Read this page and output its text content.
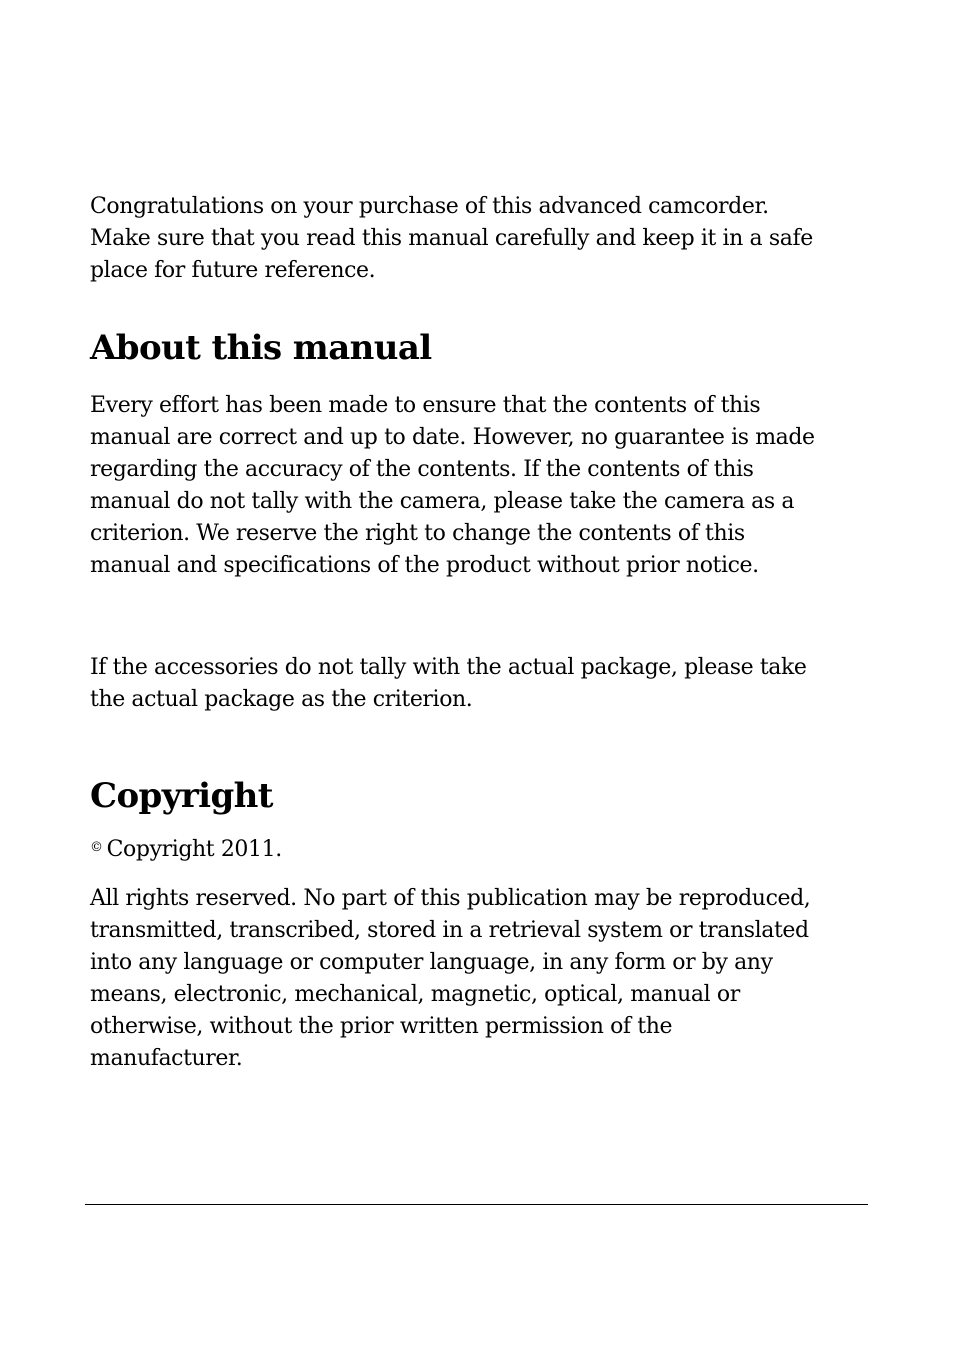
Congratulations on your purchase of this advanced camcorder.
Make sure that you read this manual carefully and keep it in a safe
place for future reference.

About this manual

Every effort has been made to ensure that the contents of this
manual are correct and up to date. However, no guarantee is made
regarding the accuracy of the contents. If the contents of this
manual do not tally with the camera, please take the camera as a
criterion. We reserve the right to change the contents of this
manual and specifications of the product without prior notice.

If the accessories do not tally with the actual package, please take
the actual package as the criterion.

Copyright

© Copyright 2011.

All rights reserved. No part of this publication may be reproduced,
transmitted, transcribed, stored in a retrieval system or translated
into any language or computer language, in any form or by any
means, electronic, mechanical, magnetic, optical, manual or
otherwise, without the prior written permission of the
manufacturer.
